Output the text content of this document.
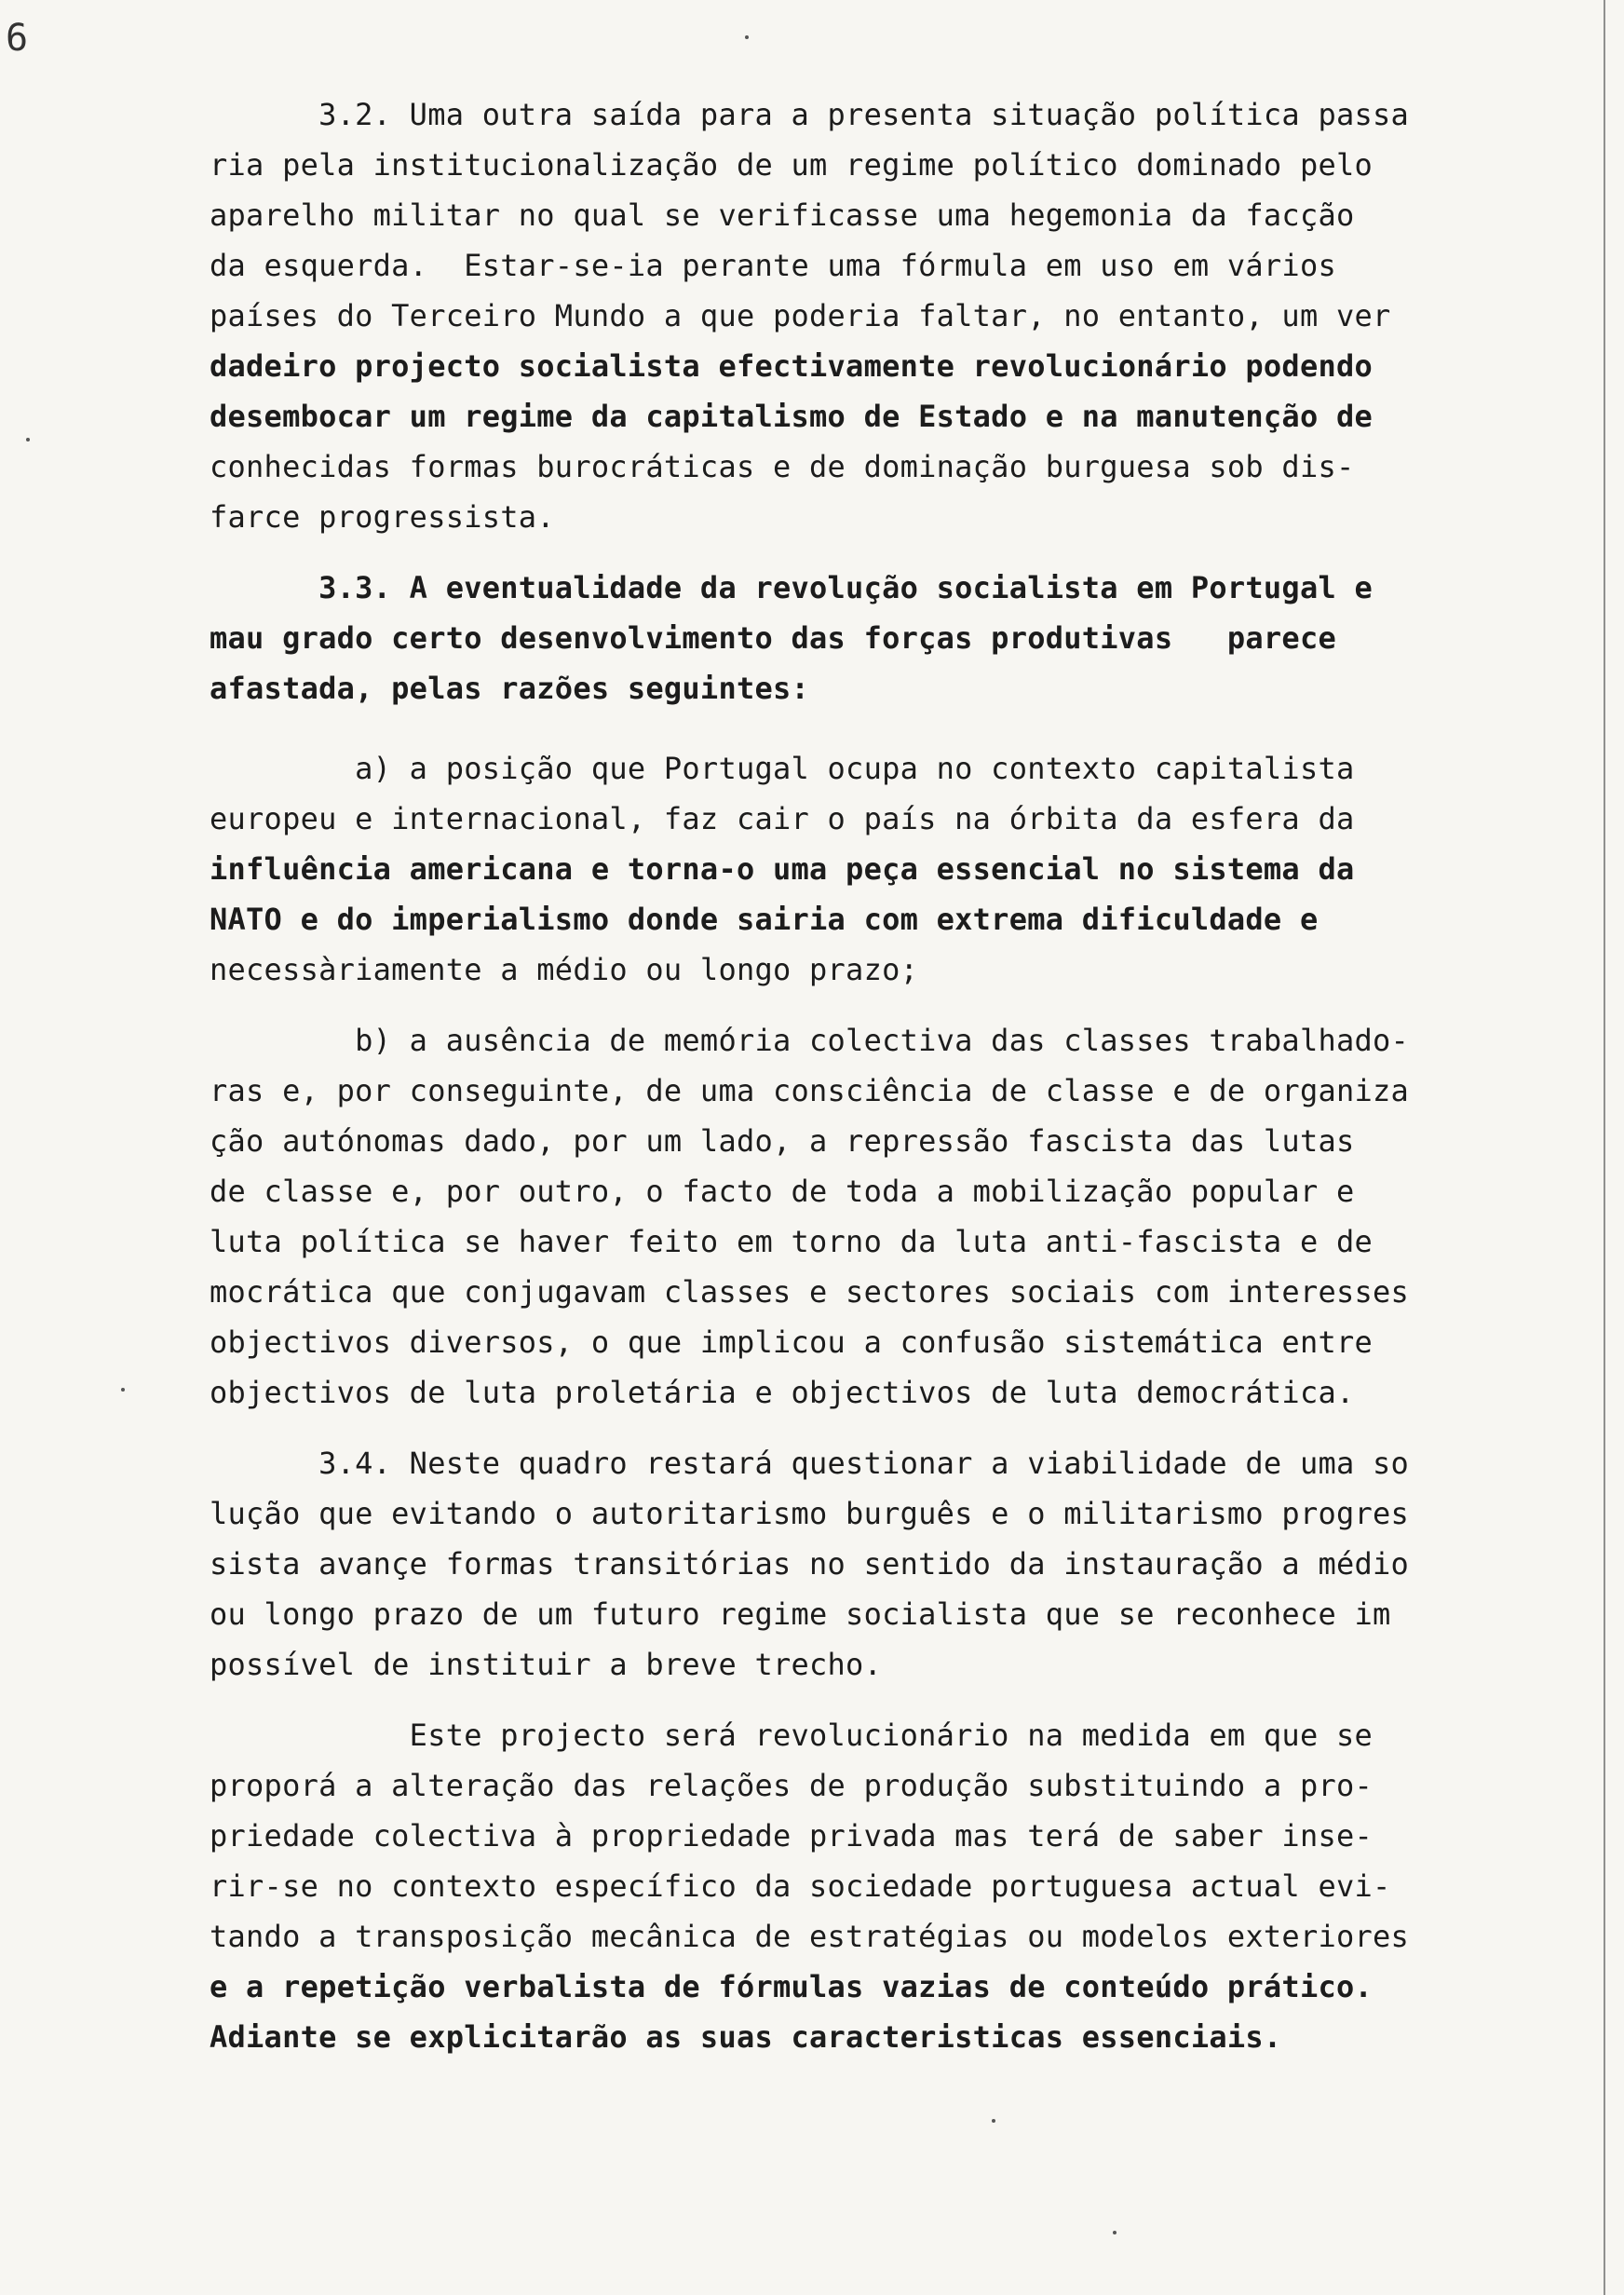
6
3.2. Uma outra saída para a presenta situação política passa
ria pela institucionalização de um regime político dominado pelo
aparelho militar no qual se verificasse uma hegemonia da facção
da esquerda.  Estar-se-ia perante uma fórmula em uso em vários
países do Terceiro Mundo a que poderia faltar, no entanto, um ver
dadeiro projecto socialista efectivamente revolucionário podendo
desembocar um regime da capitalismo de Estado e na manutenção de
conhecidas formas burocráticas e de dominação burguesa sob dis-
farce progressista.
3.3. A eventualidade da revolução socialista em Portugal e
mau grado certo desenvolvimento das forças produtivas   parece
afastada, pelas razões seguintes:
a) a posição que Portugal ocupa no contexto capitalista
europeu e internacional, faz cair o país na órbita da esfera da
influência americana e torna-o uma peça essencial no sistema da
NATO e do imperialismo donde sairia com extrema dificuldade e
necessàriamente a médio ou longo prazo;
b) a ausência de memória colectiva das classes trabalhado-
ras e, por conseguinte, de uma consciência de classe e de organiza
ção autónomas dado, por um lado, a repressão fascista das lutas
de classe e, por outro, o facto de toda a mobilização popular e
luta política se haver feito em torno da luta anti-fascista e de
mocrática que conjugavam classes e sectores sociais com interesses
objectivos diversos, o que implicou a confusão sistemática entre
objectivos de luta proletária e objectivos de luta democrática.
3.4. Neste quadro restará questionar a viabilidade de uma so
lução que evitando o autoritarismo burguês e o militarismo progres
sista avançe formas transitórias no sentido da instauração a médio
ou longo prazo de um futuro regime socialista que se reconhece im
possível de instituir a breve trecho.
Este projecto será revolucionário na medida em que se
proporá a alteração das relações de produção substituindo a pro-
priedade colectiva à propriedade privada mas terá de saber inse-
rir-se no contexto específico da sociedade portuguesa actual evi-
tando a transposição mecânica de estratégias ou modelos exteriores
e a repetição verbalista de fórmulas vazias de conteúdo prático.
Adiante se explicitarão as suas caracteristicas essenciais.
